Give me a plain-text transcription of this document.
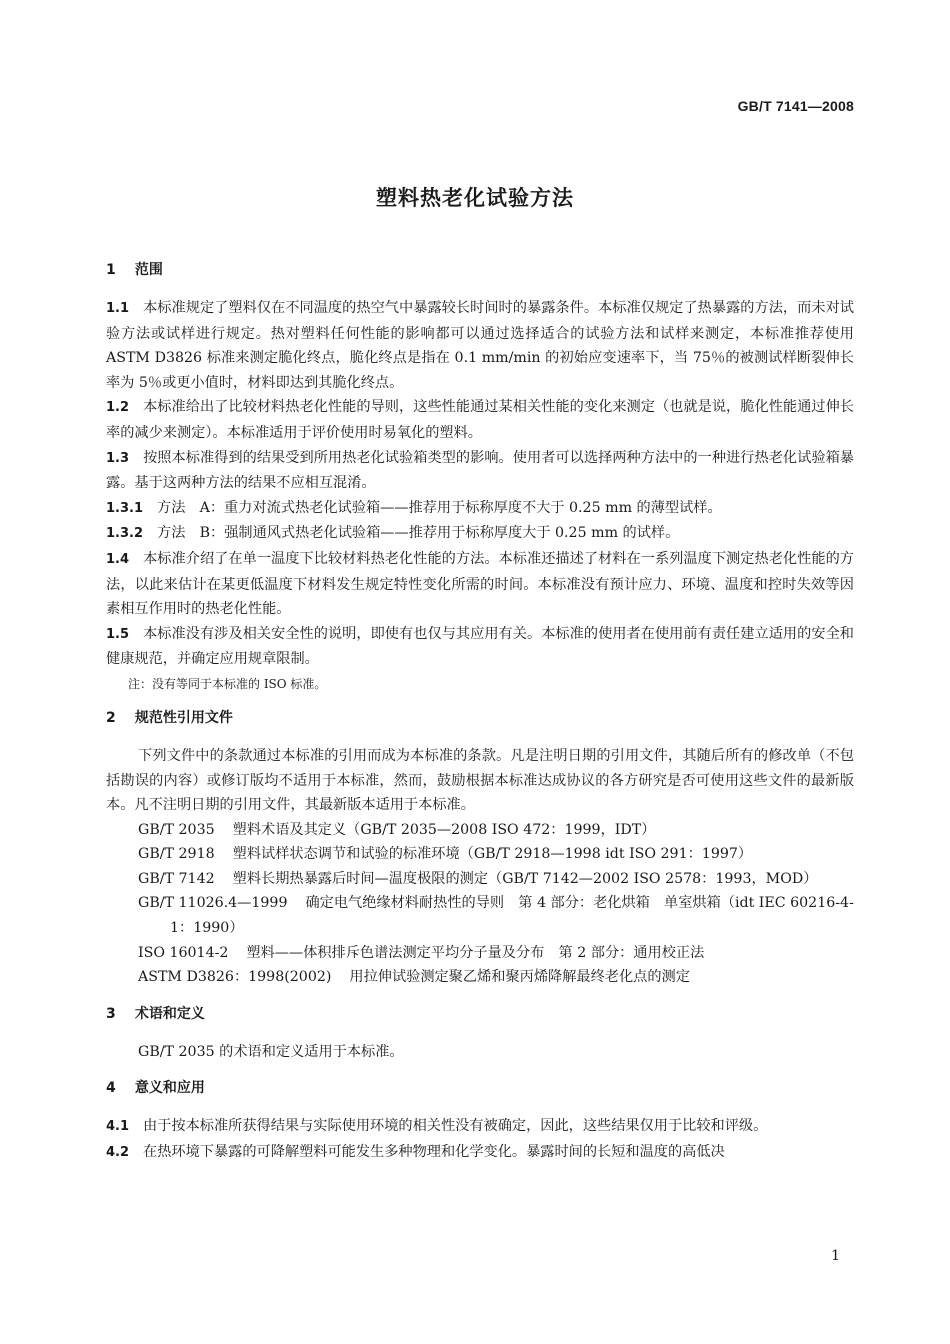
GB/T 7141—2008
塑料热老化试验方法
1 范围

1.1 本标准规定了塑料仅在不同温度的热空气中暴露较长时间时的暴露条件。本标准仅规定了热暴露的方法，而未对试验方法或试样进行规定。热对塑料任何性能的影响都可以通过选择适合的试验方法和试样来测定，本标准推荐使用 ASTM D3826 标准来测定脆化终点，脆化终点是指在 0.1 mm/min 的初始应变速率下，当 75％的被测试样断裂伸长率为 5％或更小值时，材料即达到其脆化终点。

1.2 本标准给出了比较材料热老化性能的导则，这些性能通过某相关性能的变化来测定（也就是说，脆化性能通过伸长率的减少来测定）。本标准适用于评价使用时易氧化的塑料。

1.3 按照本标准得到的结果受到所用热老化试验箱类型的影响。使用者可以选择两种方法中的一种进行热老化试验箱暴露。基于这两种方法的结果不应相互混淆。

1.3.1 方法　A：重力对流式热老化试验箱——推荐用于标称厚度不大于 0.25 mm 的薄型试样。

1.3.2 方法　B：强制通风式热老化试验箱——推荐用于标称厚度大于 0.25 mm 的试样。

1.4 本标准介绍了在单一温度下比较材料热老化性能的方法。本标准还描述了材料在一系列温度下测定热老化性能的方法，以此来估计在某更低温度下材料发生规定特性变化所需的时间。本标准没有预计应力、环境、温度和控时失效等因素相互作用时的热老化性能。

1.5 本标准没有涉及相关安全性的说明，即使有也仅与其应用有关。本标准的使用者在使用前有责任建立适用的安全和健康规范，并确定应用规章限制。

注：没有等同于本标准的 ISO 标准。

2 规范性引用文件

下列文件中的条款通过本标准的引用而成为本标准的条款。凡是注明日期的引用文件，其随后所有的修改单（不包括勘误的内容）或修订版均不适用于本标准，然而，鼓励根据本标准达成协议的各方研究是否可使用这些文件的最新版本。凡不注明日期的引用文件，其最新版本适用于本标准。

GB/T 2035 塑料术语及其定义（GB/T 2035—2008 ISO 472：1999，IDT）

GB/T 2918 塑料试样状态调节和试验的标准环境（GB/T 2918—1998 idt ISO 291：1997）

GB/T 7142 塑料长期热暴露后时间—温度极限的测定（GB/T 7142—2002 ISO 2578：1993，MOD）

GB/T 11026.4—1999 确定电气绝缘材料耐热性的导则　第 4 部分：老化烘箱　单室烘箱（idt IEC 60216-4-1：1990）

ISO 16014-2 塑料——体积排斥色谱法测定平均分子量及分布　第 2 部分：通用校正法

ASTM D3826：1998(2002) 用拉伸试验测定聚乙烯和聚丙烯降解最终老化点的测定

3 术语和定义

GB/T 2035 的术语和定义适用于本标准。

4 意义和应用

4.1 由于按本标准所获得结果与实际使用环境的相关性没有被确定，因此，这些结果仅用于比较和评级。

4.2 在热环境下暴露的可降解塑料可能发生多种物理和化学变化。暴露时间的长短和温度的高低决

1
